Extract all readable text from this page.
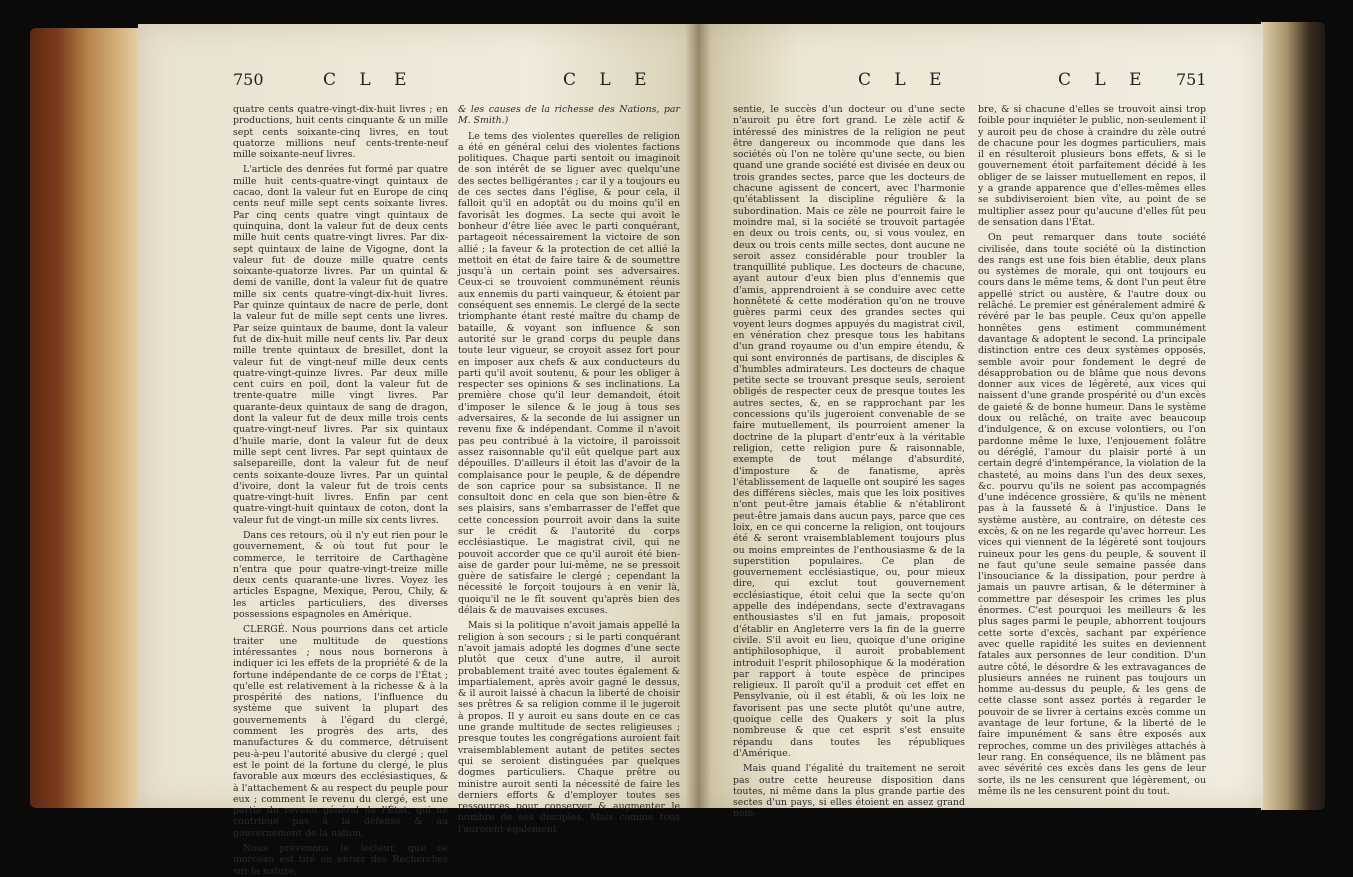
750	C L E	C L E

quatre cents quatre-vingt-dix-huit livres ; en productions, huit cents cinquante & un mille sept cents soixante-cinq livres, en tout quatorze millions neuf cents-trente-neuf mille soixante-neuf livres.

L'article des denrées fut formé par quatre mille huit cents-quatre-vingt quintaux de cacao, dont la valeur fut en Europe de cinq cents neuf mille sept cents soixante livres. Par cinq cents quatre vingt quintaux de quinquina, dont la valeur fut de deux cents mille huit cents quatre-vingt livres. Par dix-sept quintaux de laine de Vigogne, dont la valeur fut de douze mille quatre cents soixante-quatorze livres. Par un quintal & demi de vanille, dont la valeur fut de quatre mille six cents quatre-vingt-dix-huit livres. Par quinze quintaux de nacre de perle, dont la valeur fut de mille sept cents une livres. Par seize quintaux de baume, dont la valeur fut de dix-huit mille neuf cents liv. Par deux mille trente quintaux de bresillet, dont la valeur fut de vingt-neuf mille deux cents quatre-vingt-quinze livres. Par deux mille cent cuirs en poil, dont la valeur fut de trente-quatre mille vingt livres. Par quarante-deux quintaux de sang de dragon, dont la valeur fut de deux mille trois cents quatre-vingt-neuf livres. Par six quintaux d'huile marie, dont la valeur fut de deux mille sept cent livres. Par sept quintaux de salsepareille, dont la valeur fut de neuf cents soixante-douze livres. Par un quintal d'ivoire, dont la valeur fut de trois cents quatre-vingt-huit livres. Enfin par cent quatre-vingt-huit quintaux de coton, dont la valeur fut de vingt-un mille six cents livres.

Dans ces retours, où il n'y eut rien pour le gouvernement, & où tout fut pour le commerce, le territoire de Carthagène n'entra que pour quatre-vingt-treize mille deux cents quarante-une livres. Voyez les articles Espagne, Mexique, Perou, Chily, & les articles particuliers, des diverses possessions espagnoles en Amérique.

CLERGÉ. Nous pourrions dans cet article traiter une multitude de questions intéressantes ; nous nous bornerons à indiquer ici les effets de la propriété & de la fortune indépendante de ce corps de l'État ; qu'elle est relativement à la richesse & à la prospérité des nations, l'influence du système que suivent la plupart des gouvernements à l'égard du clergé, comment les progrès des arts, des manufactures & du commerce, détruisent peu-à-peu l'autorité abusive du clergé ; quel est le point de la fortune du clergé, le plus favorable aux mœurs des ecclésiastiques, & à l'attachement & au respect du peuple pour eux ; comment le revenu du clergé, est une partie du revenu général de l'État, qui ne contribue pas à la défense & au gouvernement de la nation.

Nous prévenons le lecteur, que ce morceau est tiré en entier des Recherches sur la nature,

& les causes de la richesse des Nations, par M. Smith.)

Le tems des violentes querelles de religion a été en général celui des violentes factions politiques. Chaque parti sentoit ou imaginoit de son intérêt de se liguer avec quelqu'une des sectes belligérantes ; car il y a toujours eu de ces sectes dans l'église, & pour cela, il falloit qu'il en adoptât ou du moins qu'il en favorisât les dogmes. La secte qui avoit le bonheur d'être liée avec le parti conquérant, partageoit nécessairement la victoire de son allié ; la faveur & la protection de cet allié la mettoit en état de faire taire & de soumettre jusqu'à un certain point ses adversaires. Ceux-ci se trouvoient communément réunis aux ennemis du parti vainqueur, & étoient par conséquent ses ennemis. Le clergé de la secte triomphante étant resté maître du champ de bataille, & voyant son influence & son autorité sur le grand corps du peuple dans toute leur vigueur, se croyoit assez fort pour en imposer aux chefs & aux conducteurs du parti qu'il avoit soutenu, & pour les obliger à respecter ses opinions & ses inclinations. La première chose qu'il leur demandoit, étoit d'imposer le silence & le joug à tous ses adversaires, & la seconde de lui assigner un revenu fixe & indépendant. Comme il n'avoit pas peu contribué à la victoire, il paroissoit assez raisonnable qu'il eût quelque part aux dépouilles. D'ailleurs il étoit las d'avoir de la complaisance pour le peuple, & de dépendre de son caprice pour sa subsistance. Il ne consultoit donc en cela que son bien-être & ses plaisirs, sans s'embarrasser de l'effet que cette concession pourroit avoir dans la suite sur le crédit & l'autorité du corps ecclésiastique. Le magistrat civil, qui ne pouvoit accorder que ce qu'il auroit été bien-aise de garder pour lui-même, ne se pressoit guère de satisfaire le clergé ; cependant la nécessité le forçoit toujours à en venir là, quoiqu'il ne le fît souvent qu'après bien des délais & de mauvaises excuses.

Mais si la politique n'avoit jamais appellé la religion à son secours ; si le parti conquérant n'avoit jamais adopté les dogmes d'une secte plutôt que ceux d'une autre, il auroit probablement traité avec toutes également & impartialement, après avoir gagné le dessus, & il auroit laissé à chacun la liberté de choisir ses prêtres & sa religion comme il le jugeroit à propos. Il y auroit eu sans doute en ce cas une grande multitude de sectes religieuses ; presque toutes les congrégations auroient fait vraisemblablement autant de petites sectes qui se seroient distinguées par quelques dogmes particuliers. Chaque prêtre ou ministre auroit senti la nécessité de faire les derniers efforts & d'employer toutes ses ressources pour conserver & augmenter le nombre de ses disciples. Mais comme tous l'auroient également

C L E	C L E 751

sentie, le succès d'un docteur ou d'une secte n'auroit pu être fort grand. Le zèle actif & intéressé des ministres de la religion ne peut être dangereux ou incommode que dans les sociétés où l'on ne tolère qu'une secte, ou bien quand une grande société est divisée en deux ou trois grandes sectes, parce que les docteurs de chacune agissent de concert, avec l'harmonie qu'établissent la discipline régulière & la subordination. Mais ce zèle ne pourroit faire le moindre mal, si la société se trouvoit partagée en deux ou trois cents, ou, si vous voulez, en deux ou trois cents mille sectes, dont aucune ne seroit assez considérable pour troubler la tranquillité publique. Les docteurs de chacune, ayant autour d'eux bien plus d'ennemis que d'amis, apprendroient à se conduire avec cette honnêteté & cette modération qu'on ne trouve guères parmi ceux des grandes sectes qui voyent leurs dogmes appuyés du magistrat civil, en vénération chez presque tous les habitans d'un grand royaume ou d'un empire étendu, & qui sont environnés de partisans, de disciples & d'humbles admirateurs. Les docteurs de chaque petite secte se trouvant presque seuls, seroient obligés de respecter ceux de presque toutes les autres sectes, &, en se rapprochant par les concessions qu'ils jugeroient convenable de se faire mutuellement, ils pourroient amener la doctrine de la plupart d'entr'eux à la véritable religion, cette religion pure & raisonnable, exempte de tout mélange d'absurdité, d'imposture & de fanatisme, après l'établissement de laquelle ont soupiré les sages des différens siècles, mais que les loix positives n'ont peut-être jamais établie & n'établiront peut-être jamais dans aucun pays, parce que ces loix, en ce qui concerne la religion, ont toujours été & seront vraisemblablement toujours plus ou moins empreintes de l'enthousiasme & de la superstition populaires. Ce plan de gouvernement ecclésiastique, ou, pour mieux dire, qui exclut tout gouvernement ecclésiastique, étoit celui que la secte qu'on appelle des indépendans, secte d'extravagans enthousiastes s'il en fut jamais, proposoit d'établir en Angleterre vers la fin de la guerre civile. S'il avoit eu lieu, quoique d'une origine antiphilosophique, il auroit probablement introduit l'esprit philosophique & la modération par rapport à toute espèce de principes religieux. Il paroît qu'il a produit cet effet en Pensylvanie, où il est établi, & où les loix ne favorisent pas une secte plutôt qu'une autre, quoique celle des Quakers y soit la plus nombreuse & que cet esprit s'est ensuite répandu dans toutes les républiques d'Amérique.

Mais quand l'égalité du traitement ne seroit pas outre cette heureuse disposition dans toutes, ni même dans la plus grande partie des sectes d'un pays, si elles étoient en assez grand nom-

bre, & si chacune d'elles se trouvoit ainsi trop foible pour inquiéter le public, non-seulement il y auroit peu de chose à craindre du zèle outré de chacune pour les dogmes particuliers, mais il en résulteroit plusieurs bons effets, & si le gouvernement étoit parfaitement décidé à les obliger de se laisser mutuellement en repos, il y a grande apparence que d'elles-mêmes elles se subdiviseroient bien vîte, au point de se multiplier assez pour qu'aucune d'elles fût peu de sensation dans l'État.

On peut remarquer dans toute société civilisée, dans toute société où la distinction des rangs est une fois bien établie, deux plans ou systèmes de morale, qui ont toujours eu cours dans le même tems, & dont l'un peut être appellé strict ou austère, & l'autre doux ou relâché. Le premier est généralement admiré & révéré par le bas peuple. Ceux qu'on appelle honnêtes gens estiment communément davantage & adoptent le second. La principale distinction entre ces deux systèmes opposés, semble avoir pour fondement le degré de désapprobation ou de blâme que nous devons donner aux vices de légèreté, aux vices qui naissent d'une grande prospérité ou d'un excès de gaieté & de bonne humeur. Dans le système doux ou relâché, on traite avec beaucoup d'indulgence, & on excuse volontiers, ou l'on pardonne même le luxe, l'enjouement folâtre ou déréglé, l'amour du plaisir porté à un certain degré d'intempérance, la violation de la chasteté, au moins dans l'un des deux sexes, &c. pourvu qu'ils ne soient pas accompagnés d'une indécence grossière, & qu'ils ne mènent pas à la fausseté & à l'injustice. Dans le système austère, au contraire, on déteste ces excès, & on ne les regarde qu'avec horreur. Les vices qui viennent de la légèreté sont toujours ruineux pour les gens du peuple, & souvent il ne faut qu'une seule semaine passée dans l'insouciance & la dissipation, pour perdre à jamais un pauvre artisan, & le déterminer à commettre par désespoir les crimes les plus énormes. C'est pourquoi les meilleurs & les plus sages parmi le peuple, abhorrent toujours cette sorte d'excès, sachant par expérience avec quelle rapidité les suites en deviennent fatales aux personnes de leur condition. D'un autre côté, le désordre & les extravagances de plusieurs années ne ruinent pas toujours un homme au-dessus du peuple, & les gens de cette classe sont assez portés à regarder le pouvoir de se livrer à certains excès comme un avantage de leur fortune, & la liberté de le faire impunément & sans être exposés aux reproches, comme un des privilèges attachés à leur rang. En conséquence, ils ne blâment pas avec sévérité ces excès dans les gens de leur sorte, ils ne les censurent que légèrement, ou même ils ne les censurent point du tout.
